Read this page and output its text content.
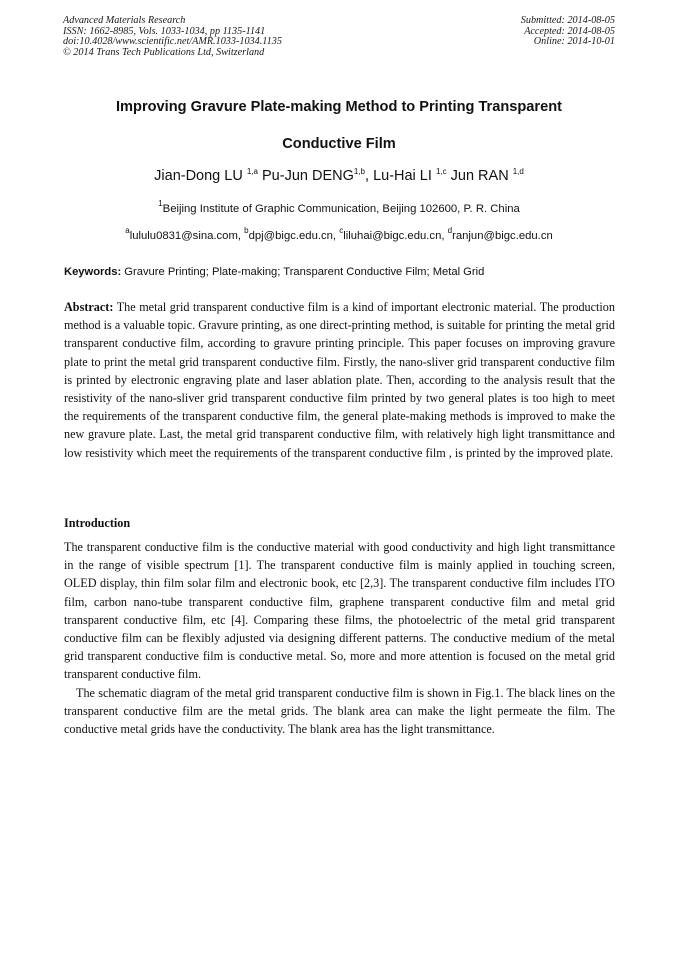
Advanced Materials Research
ISSN: 1662-8985, Vols. 1033-1034, pp 1135-1141
doi:10.4028/www.scientific.net/AMR.1033-1034.1135
© 2014 Trans Tech Publications Ltd, Switzerland
Submitted: 2014-08-05
Accepted: 2014-08-05
Online: 2014-10-01
Improving Gravure Plate-making Method to Printing Transparent
Conductive Film
Jian-Dong LU $^{1,a}$ Pu-Jun DENG$^{1,b}$, Lu-Hai LI $^{1,c}$ Jun RAN $^{1,d}$
$^1$Beijing Institute of Graphic Communication, Beijing 102600, P. R. China
$^a$lululu0831@sina.com, $^b$dpj@bigc.edu.cn, $^c$liluhai@bigc.edu.cn, $^d$ranjun@bigc.edu.cn
Keywords: Gravure Printing; Plate-making; Transparent Conductive Film; Metal Grid
Abstract: The metal grid transparent conductive film is a kind of important electronic material. The production method is a valuable topic. Gravure printing, as one direct-printing method, is suitable for printing the metal grid transparent conductive film, according to gravure printing principle. This paper focuses on improving gravure plate to print the metal grid transparent conductive film. Firstly, the nano-sliver grid transparent conductive film is printed by electronic engraving plate and laser ablation plate. Then, according to the analysis result that the resistivity of the nano-sliver grid transparent conductive film printed by two general plates is too high to meet the requirements of the transparent conductive film, the general plate-making methods is improved to make the new gravure plate. Last, the metal grid transparent conductive film, with relatively high light transmittance and low resistivity which meet the requirements of the transparent conductive film , is printed by the improved plate.
Introduction

The transparent conductive film is the conductive material with good conductivity and high light transmittance in the range of visible spectrum [1]. The transparent conductive film is mainly applied in touching screen, OLED display, thin film solar film and electronic book, etc [2,3]. The transparent conductive film includes ITO film, carbon nano-tube transparent conductive film, graphene transparent conductive film and metal grid transparent conductive film, etc [4]. Comparing these films, the photoelectric of the metal grid transparent conductive film can be flexibly adjusted via designing different patterns. The conductive medium of the metal grid transparent conductive film is conductive metal. So, more and more attention is focused on the metal grid transparent conductive film.

The schematic diagram of the metal grid transparent conductive film is shown in Fig.1. The black lines on the transparent conductive film are the metal grids. The blank area can make the light permeate the film. The conductive metal grids have the conductivity. The blank area has the light transmittance.
